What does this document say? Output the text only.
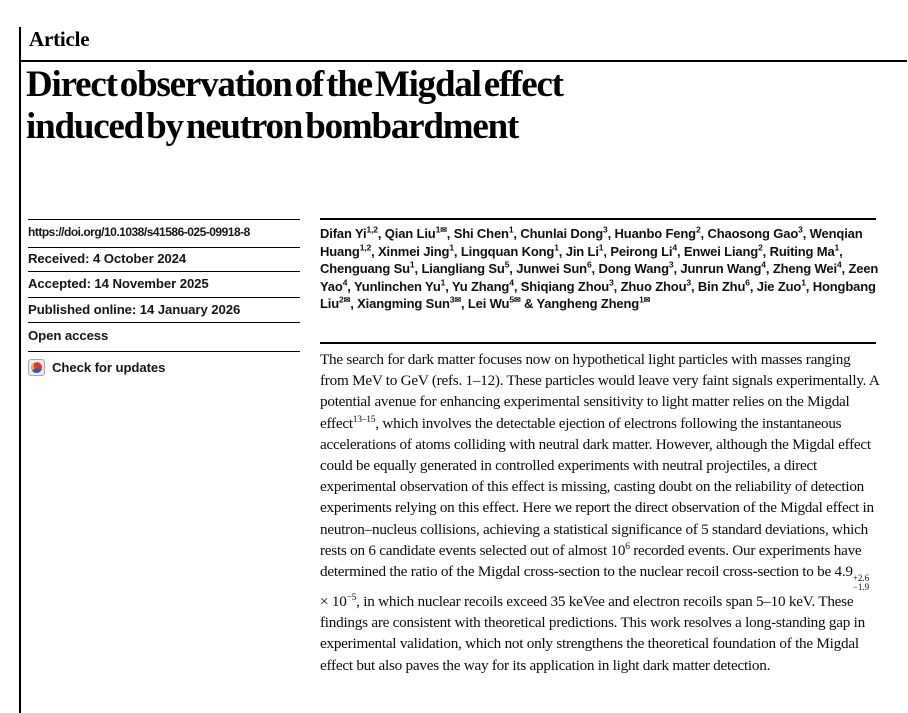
Article
Direct observation of the Migdal effect
induced by neutron bombardment
https://doi.org/10.1038/s41586-025-09918-8
Received: 4 October 2024
Accepted: 14 November 2025
Published online: 14 January 2026
Open access
Check for updates

Difan Yi$^{1,2}$, Qian Liu$^{1✉}$, Shi Chen$^1$, Chunlai Dong$^3$, Huanbo Feng$^2$, Chaosong Gao$^3$, Wenqian Huang$^{1,2}$, Xinmei Jing$^1$, Lingquan Kong$^1$, Jin Li$^1$, Peirong Li$^4$, Enwei Liang$^2$, Ruiting Ma$^1$, Chenguang Su$^1$, Liangliang Su$^5$, Junwei Sun$^6$, Dong Wang$^3$, Junrun Wang$^4$, Zheng Wei$^4$, Zeen Yao$^4$, Yunlinchen Yu$^1$, Yu Zhang$^4$, Shiqiang Zhou$^3$, Zhuo Zhou$^3$, Bin Zhu$^6$, Jie Zuo$^1$, Hongbang Liu$^{2✉}$, Xiangming Sun$^{3✉}$, Lei $Wu^{5✉}$ & Yangheng Zheng$^{1✉}$

The search for dark matter focuses now on hypothetical light particles with masses ranging from MeV to GeV (refs. 1–12). These particles would leave very faint signals experimentally. A potential avenue for enhancing experimental sensitivity to light matter relies on the Migdal effect$^{13-15}$, which involves the detectable ejection of electrons following the instantaneous accelerations of atoms colliding with neutral dark matter. However, although the Migdal effect could be equally generated in controlled experiments with neutral projectiles, a direct experimental observation of this effect is missing, casting doubt on the reliability of detection experiments relying on this effect. Here we report the direct observation of the Migdal effect in neutron–nucleus collisions, achieving a statistical significance of 5 standard deviations, which rests on 6 candidate events selected out of almost $10^6$ recorded events. Our experiments have determined the ratio of the Migdal cross-section to the nuclear recoil cross-section to be 4.9 +2.6
−1.9
× $10^{-5}$, in which nuclear recoils exceed 35 keVee and electron recoils span 5–10 keV. These findings are consistent with theoretical predictions. This work resolves a long-standing gap in experimental validation, which not only strengthens the theoretical foundation of the Migdal effect but also paves the way for its application in light dark matter detection.
